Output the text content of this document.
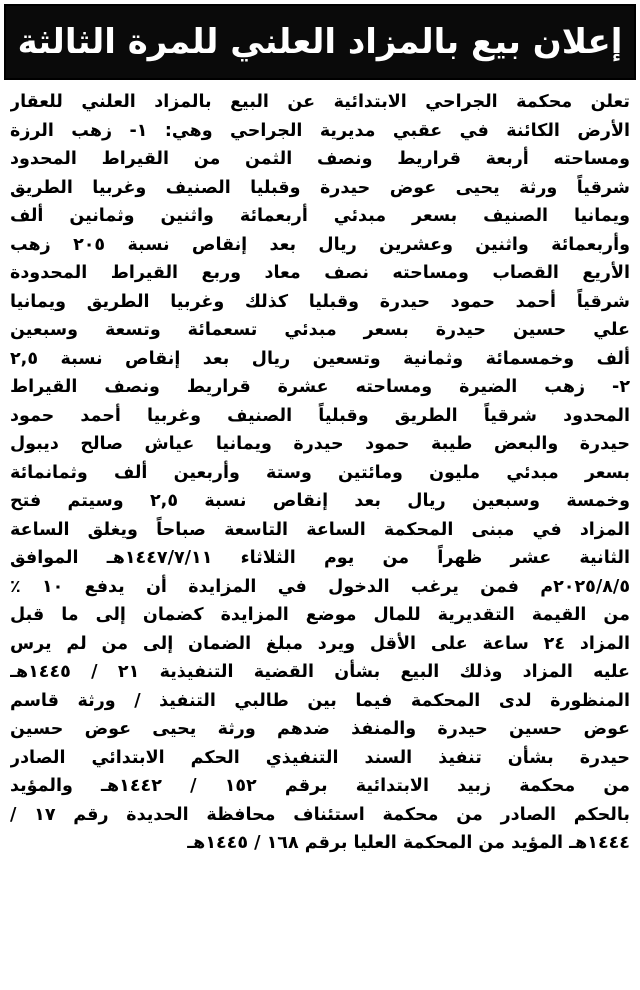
إعلان بيع بالمزاد العلني للمرة الثالثة
تعلن محكمة الجراحي الابتدائية عن البيع بالمزاد العلني للعقار
الأرض الكائنة في عقبي مديرية الجراحي وهي: ١- زهب الرزة
ومساحته أربعة قراريط ونصف الثمن من القيراط المحدود
شرقياً ورثة يحيى عوض حيدرة وقبليا الصنيف وغربيا الطريق
ويمانيا الصنيف بسعر مبدئي أربعمائة واثنين وثمانين ألف
وأربعمائة واثنين وعشرين ريال بعد إنقاص نسبة ٢٠٥ زهب
الأريع القصاب ومساحته نصف معاد وربع القيراط المحدودة
شرقياً أحمد حمود حيدرة وقبليا كذلك وغربيا الطريق ويمانيا
علي حسين حيدرة بسعر مبدئي تسعمائة وتسعة وسبعين
ألف وخمسمائة وثمانية وتسعين ريال بعد إنقاص نسبة ٢,٥
٢- زهب الضيرة ومساحته عشرة قراريط ونصف القيراط
المحدود شرقياً الطريق وقبلياً الصنيف وغربيا أحمد حمود
حيدرة والبعض طيبة حمود حيدرة ويمانيا عياش صالح ديبول
بسعر مبدئي مليون ومائتين وستة وأربعين ألف وثمانمائة
وخمسة وسبعين ريال بعد إنقاص نسبة ٢,٥ وسيتم فتح
المزاد في مبنى المحكمة الساعة التاسعة صباحاً ويغلق الساعة
الثانية عشر ظهراً من يوم الثلاثاء ١٤٤٧/٧/١١هـ الموافق
٢٠٢٥/٨/٥م فمن يرغب الدخول في المزايدة أن يدفع ١٠ ٪
من القيمة التقديرية للمال موضع المزايدة كضمان إلى ما قبل
المزاد ٢٤ ساعة على الأقل ويرد مبلغ الضمان إلى من لم يرس
عليه المزاد وذلك البيع بشأن القضية التنفيذية ٢١ / ١٤٤٥هـ
المنظورة لدى المحكمة فيما بين طالبي التنفيذ / ورثة قاسم
عوض حسين حيدرة والمنفذ ضدهم ورثة يحيى عوض حسين
حيدرة بشأن تنفيذ السند التنفيذي الحكم الابتدائي الصادر
من محكمة زبيد الابتدائية برقم ١٥٢ / ١٤٤٢هـ والمؤيد
بالحكم الصادر من محكمة استئناف محافظة الحديدة رقم ١٧ /
١٤٤٤هـ المؤيد من المحكمة العليا برقم ١٦٨ / ١٤٤٥هـ
